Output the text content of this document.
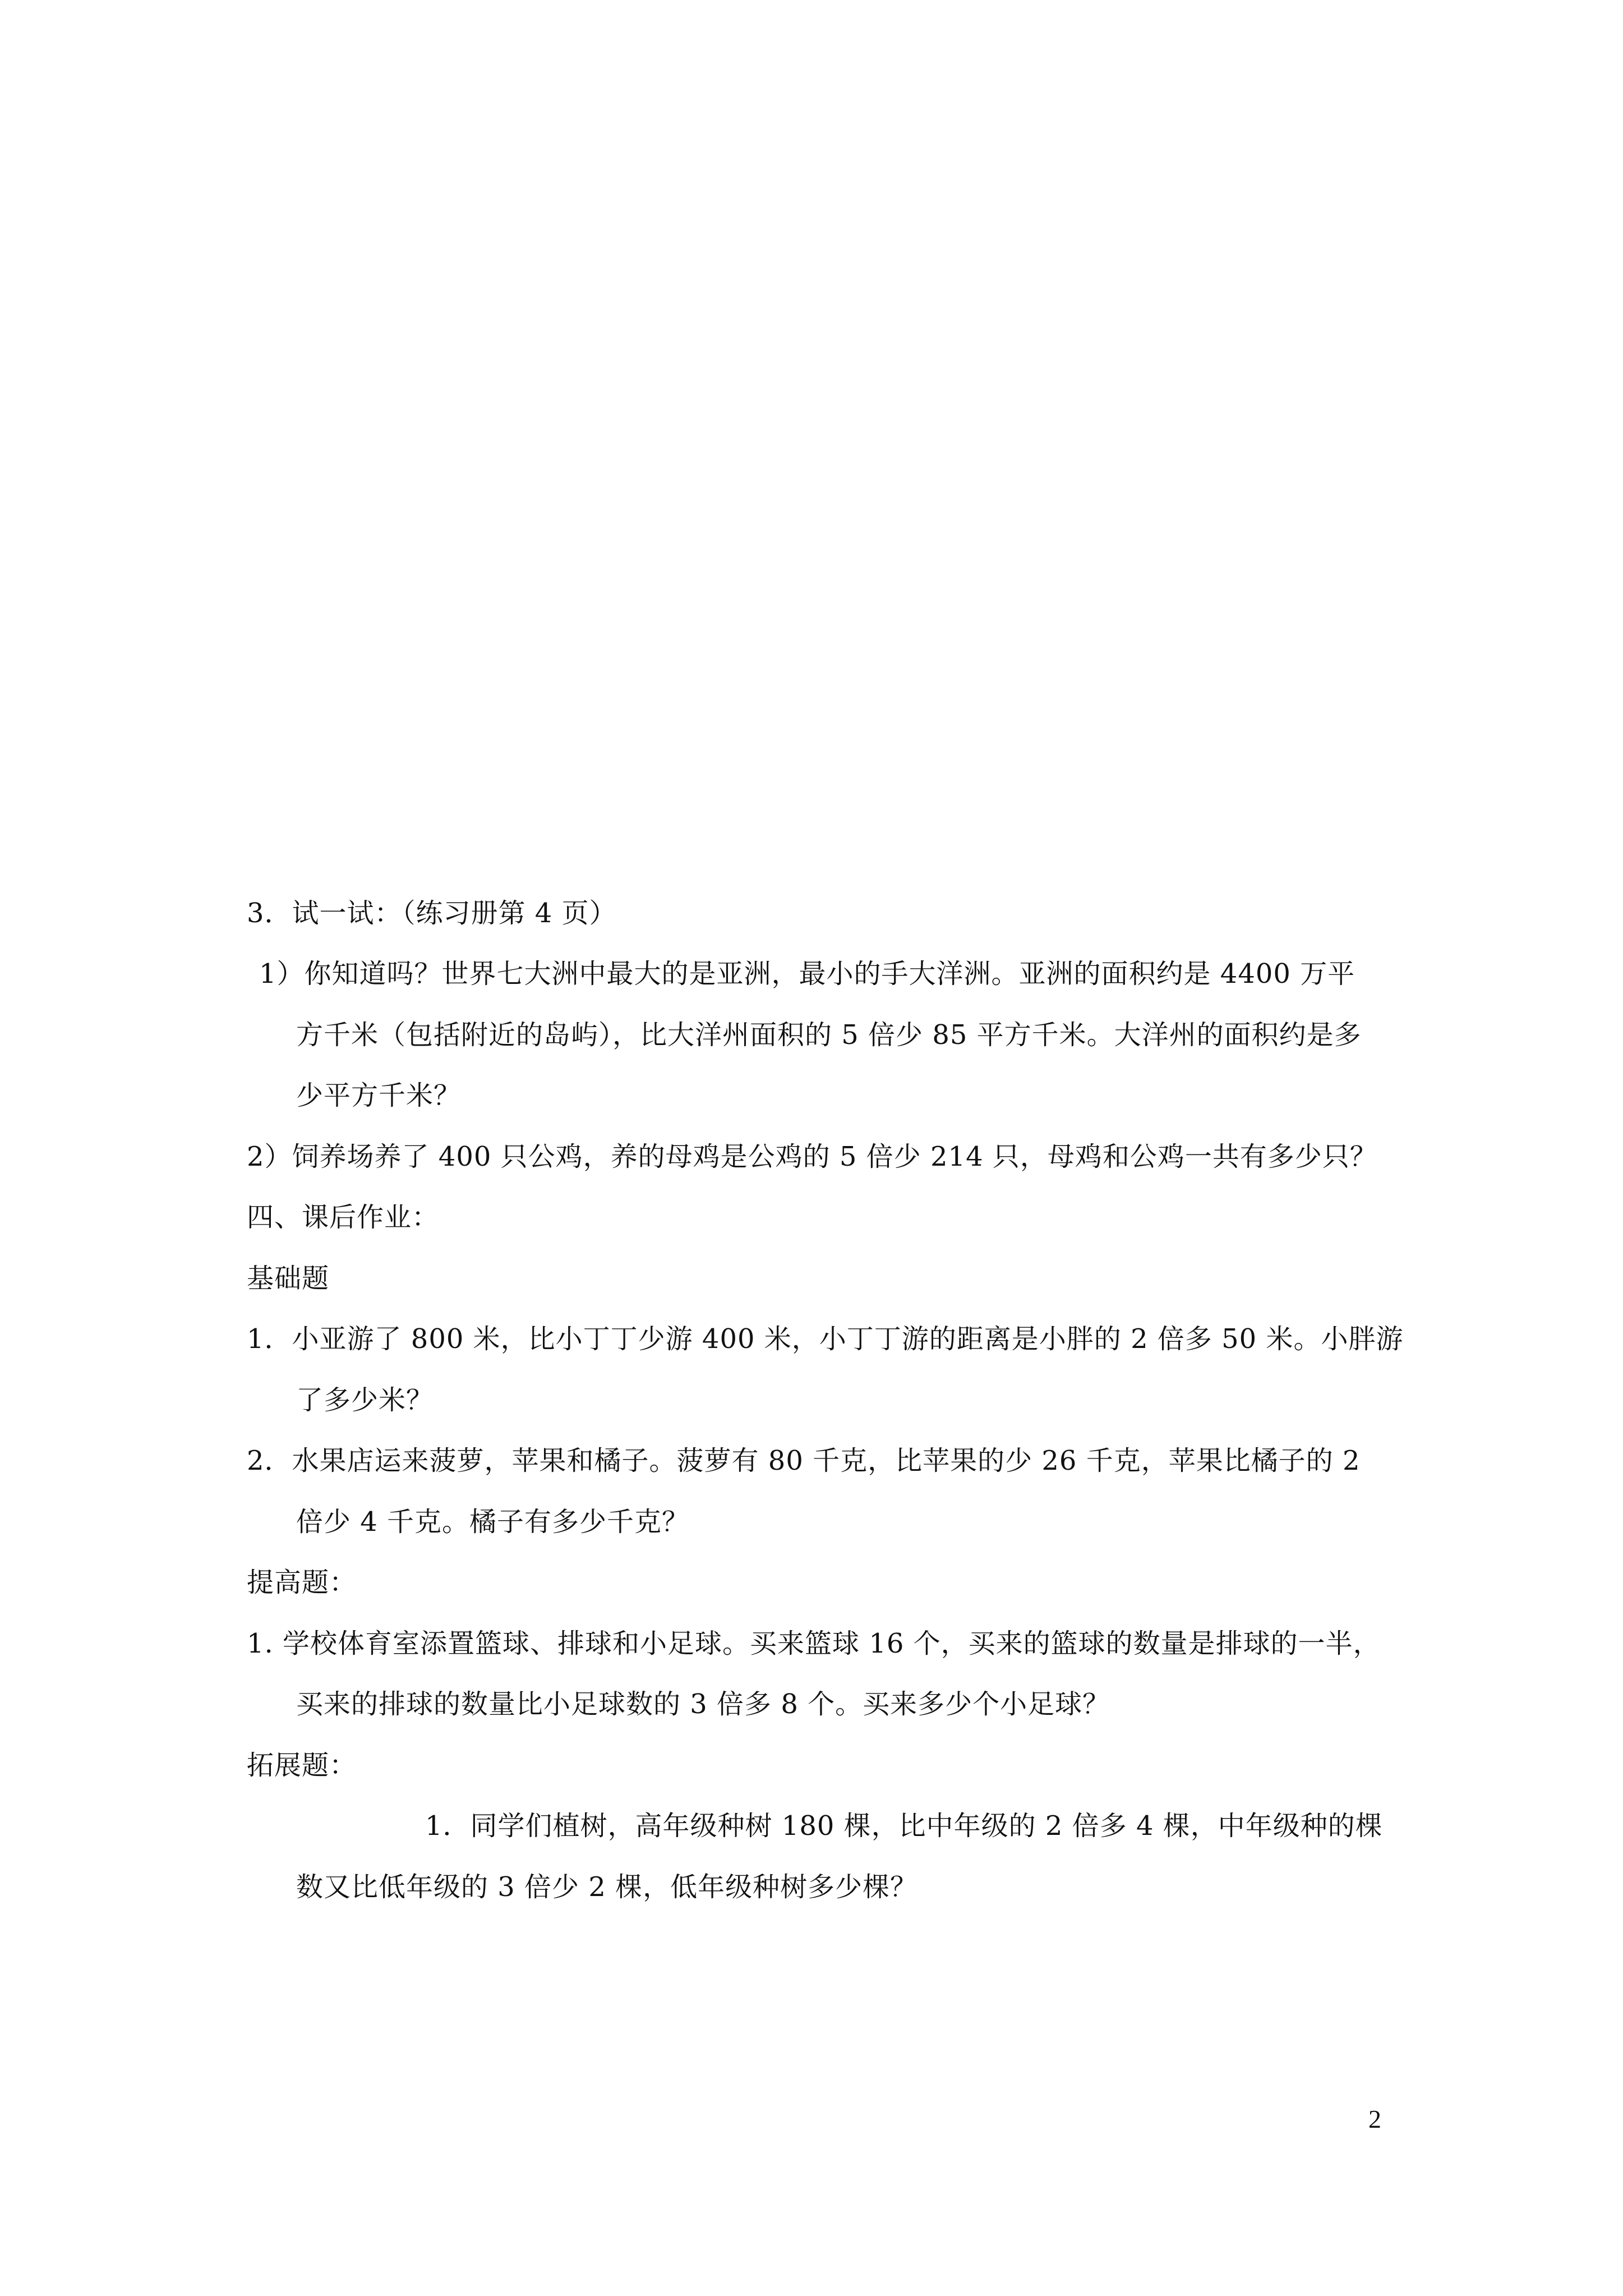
3．试一试：（练习册第 4 页）
1）你知道吗？世界七大洲中最大的是亚洲，最小的手大洋洲。亚洲的面积约是 4400 万平
方千米（包括附近的岛屿），比大洋州面积的 5 倍少 85 平方千米。大洋州的面积约是多
少平方千米？
2）饲养场养了 400 只公鸡，养的母鸡是公鸡的 5 倍少 214 只，母鸡和公鸡一共有多少只？
四、课后作业：
基础题
1．小亚游了 800 米，比小丁丁少游 400 米，小丁丁游的距离是小胖的 2 倍多 50 米。小胖游
了多少米？
2．水果店运来菠萝，苹果和橘子。菠萝有 80 千克，比苹果的少 26 千克，苹果比橘子的 2
倍少 4 千克。橘子有多少千克？
提高题：
1. 学校体育室添置篮球、排球和小足球。买来篮球 16 个，买来的篮球的数量是排球的一半，
买来的排球的数量比小足球数的 3 倍多 8 个。买来多少个小足球？
拓展题：
1．同学们植树，高年级种树 180 棵，比中年级的 2 倍多 4 棵，中年级种的棵
数又比低年级的 3 倍少 2 棵，低年级种树多少棵？
2
